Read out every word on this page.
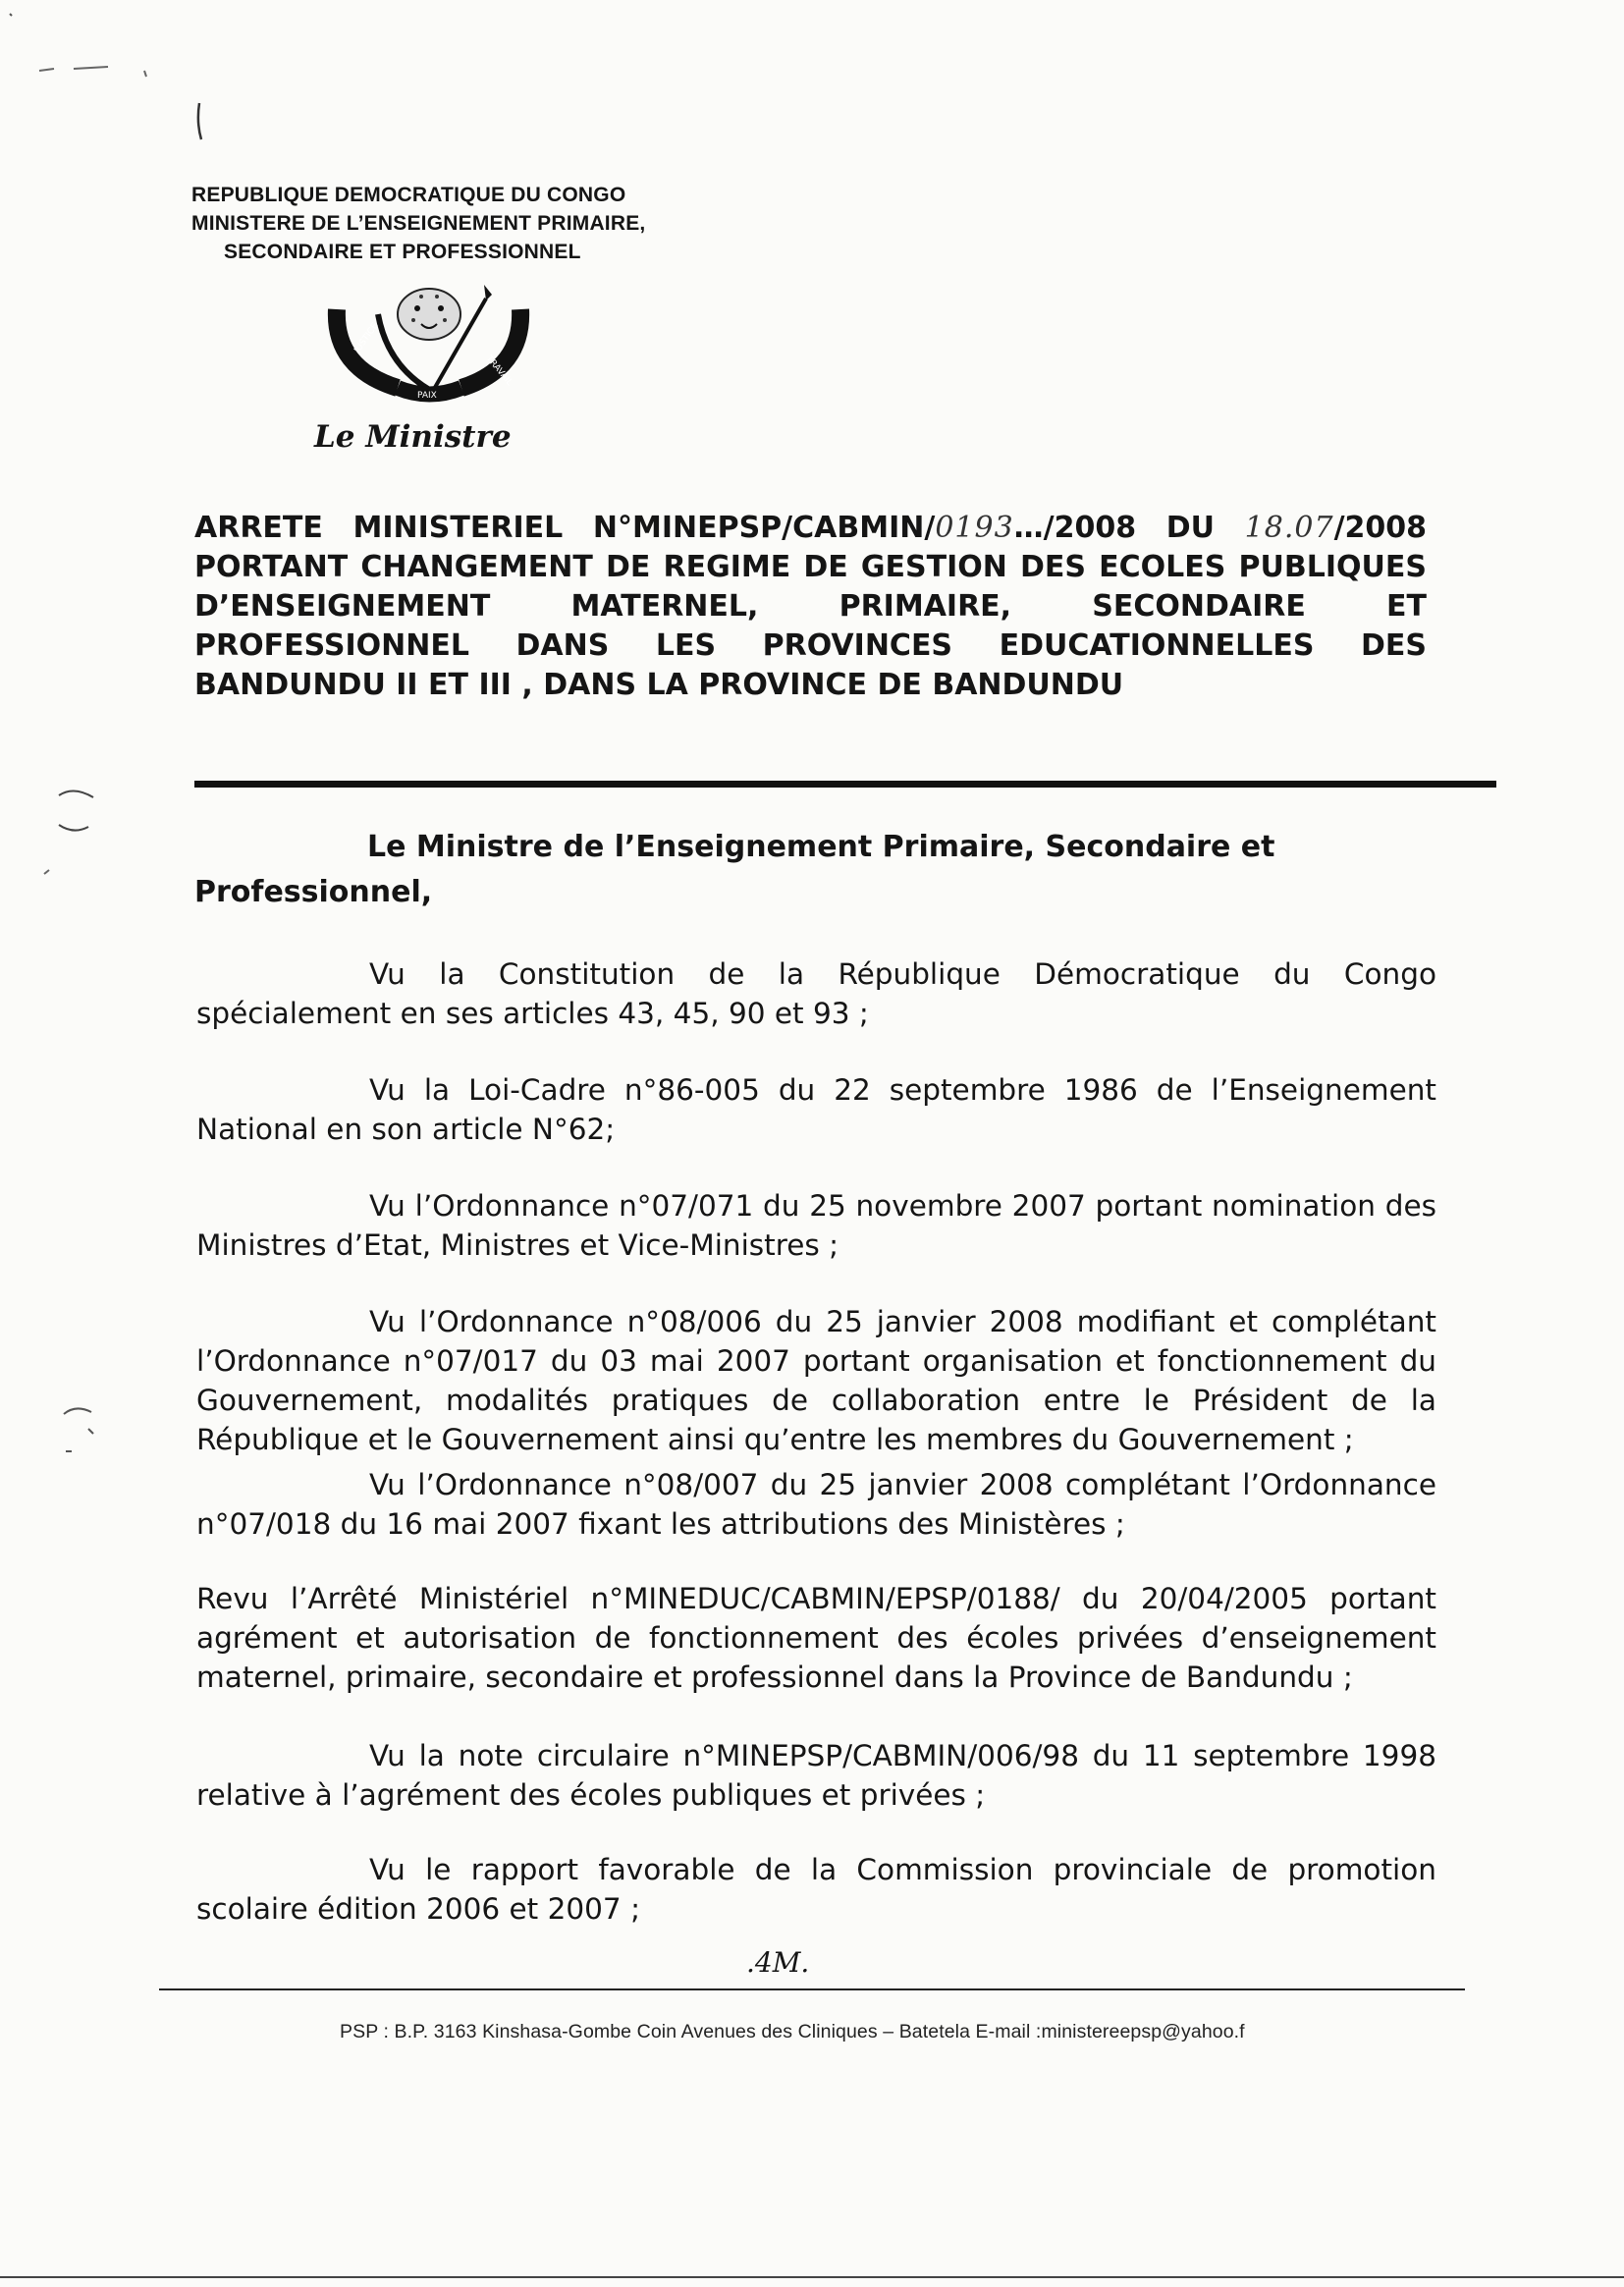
REPUBLIQUE DEMOCRATIQUE DU CONGO
MINISTERE DE L’ENSEIGNEMENT PRIMAIRE,
SECONDAIRE ET PROFESSIONNEL
JUSTICE
PAIX
TRAVAIL
Le Ministre
ARRETE MINISTERIEL N°MINEPSP/CABMIN/0193…/2008 DU 18.07/2008 PORTANT CHANGEMENT DE REGIME DE GESTION DES ECOLES PUBLIQUES D’ENSEIGNEMENT MATERNEL, PRIMAIRE, SECONDAIRE ET PROFESSIONNEL DANS LES PROVINCES EDUCATIONNELLES DES BANDUNDU II ET III , DANS LA PROVINCE DE BANDUNDU
Le Ministre de l’Enseignement Primaire, Secondaire et
Professionnel,
Vu la Constitution de la République Démocratique du Congo spécialement en ses articles 43, 45, 90 et 93 ;
Vu la Loi-Cadre n°86-005 du 22 septembre 1986 de l’Enseignement National en son article N°62;
Vu l’Ordonnance n°07/071 du 25 novembre 2007 portant nomination des Ministres d’Etat, Ministres et Vice-Ministres ;
Vu l’Ordonnance n°08/006 du 25 janvier 2008 modifiant et complétant l’Ordonnance n°07/017 du 03 mai 2007 portant organisation et fonctionnement du Gouvernement, modalités pratiques de collaboration entre le Président de la République et le Gouvernement ainsi qu’entre les membres du Gouvernement ;
Vu l’Ordonnance n°08/007 du 25 janvier 2008 complétant l’Ordonnance n°07/018 du 16 mai 2007 fixant les attributions des Ministères ;
Revu l’Arrêté Ministériel n°MINEDUC/CABMIN/EPSP/0188/ du 20/04/2005 portant agrément et autorisation de fonctionnement des écoles privées d’enseignement maternel, primaire, secondaire et professionnel dans la Province de Bandundu ;
Vu la note circulaire n°MINEPSP/CABMIN/006/98 du 11 septembre 1998 relative à l’agrément des écoles publiques et privées ;
Vu le rapport favorable de la Commission provinciale de promotion scolaire édition 2006 et 2007 ;
.4M.
PSP : B.P. 3163 Kinshasa-Gombe Coin Avenues des Cliniques – Batetela E-mail :ministereepsp@yahoo.f
